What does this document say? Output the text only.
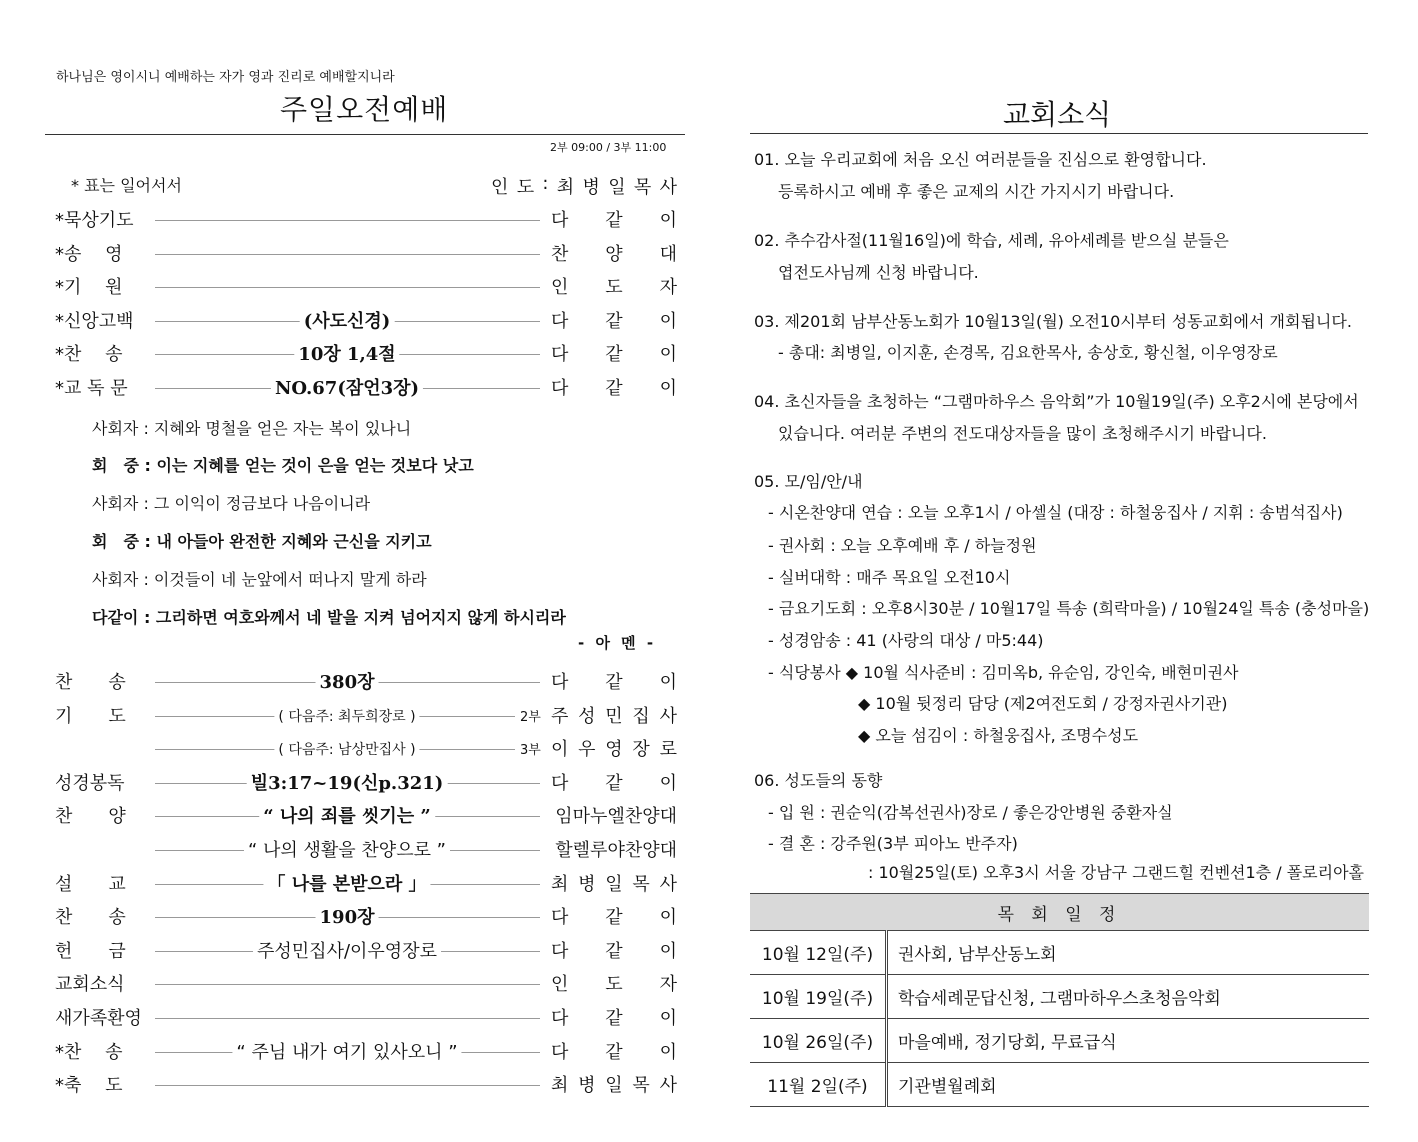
하나님은 영이시니 예배하는 자가 영과 진리로 예배할지니라
주일오전예배
2부 09:00 / 3부 11:00
* 표는 일어서서	인 도 : 최 병 일 목 사
*묵상기도	다 같 이
*송　 영	찬 양 대
*기　 원	인 도 자
*신앙고백	(사도신경)	다 같 이
*찬　 송	10장 1,4절	다 같 이
*교 독 문	NO.67(잠언3장)	다 같 이
사회자 : 지혜와 명철을 얻은 자는 복이 있나니
회　중 : 이는 지혜를 얻는 것이 은을 얻는 것보다 낫고
사회자 : 그 이익이 정금보다 나음이니라
회　중 : 내 아들아 완전한 지혜와 근신을 지키고
사회자 : 이것들이 네 눈앞에서 떠나지 말게 하라
다같이 : 그리하면 여호와께서 네 발을 지켜 넘어지지 않게 하시리라
- 아 멘 -
찬　　송	380장	다 같 이
기　　도	( 다음주: 최두희장로 )	2부 주 성 민 집 사
( 다음주: 남상만집사 )	3부 이 우 영 장 로
성경봉독	빌3:17~19(신p.321)	다 같 이
찬　　양	“ 나의 죄를 씻기는 ”	임마누엘찬양대
“ 나의 생활을 찬양으로 ”	할렐루야찬양대
설　　교	「 나를 본받으라 」	최 병 일 목 사
찬　　송	190장	다 같 이
헌　　금	주성민집사/이우영장로	다 같 이
교회소식	인 도 자
새가족환영	다 같 이
*찬　 송	“ 주님 내가 여기 있사오니 ”	다 같 이
*축　 도	최 병 일 목 사
교회소식
01. 오늘 우리교회에 처음 오신 여러분들을 진심으로 환영합니다.
등록하시고 예배 후 좋은 교제의 시간 가지시기 바랍니다.
02. 추수감사절(11월16일)에 학습, 세례, 유아세례를 받으실 분들은
엽전도사님께 신청 바랍니다.
03. 제201회 남부산동노회가 10월13일(월) 오전10시부터 성동교회에서 개회됩니다.
- 총대: 최병일, 이지훈, 손경목, 김요한목사, 송상호, 황신철, 이우영장로
04. 초신자들을 초청하는 “그램마하우스 음악회”가 10월19일(주) 오후2시에 본당에서
있습니다. 여러분 주변의 전도대상자들을 많이 초청해주시기 바랍니다.
05. 모/임/안/내
- 시온찬양대 연습 : 오늘 오후1시 / 아셀실 (대장 : 하철웅집사 / 지휘 : 송범석집사)
- 권사회 : 오늘 오후예배 후 / 하늘정원
- 실버대학 : 매주 목요일 오전10시
- 금요기도회 : 오후8시30분 / 10월17일 특송 (희락마을) / 10월24일 특송 (충성마을)
- 성경암송 : 41 (사랑의 대상 / 마5:44)
- 식당봉사 ◆ 10월 식사준비 : 김미옥b, 유순임, 강인숙, 배현미권사
◆ 10월 뒷정리 담당 (제2여전도회 / 강정자권사기관)
◆ 오늘 섬김이 : 하철웅집사, 조명수성도
06. 성도들의 동향
- 입 원 : 권순익(감복선권사)장로 / 좋은강안병원 중환자실
- 결 혼 : 강주원(3부 피아노 반주자)
: 10월25일(토) 오후3시 서울 강남구 그랜드힐 컨벤션1층 / 폴로리아홀
목 회 일 정	
10월 12일(주)	권사회, 남부산동노회
10월 19일(주)	학습세례문답신청, 그램마하우스초청음악회
10월 26일(주)	마을예배, 정기당회, 무료급식
11월 2일(주)	기관별월례회
